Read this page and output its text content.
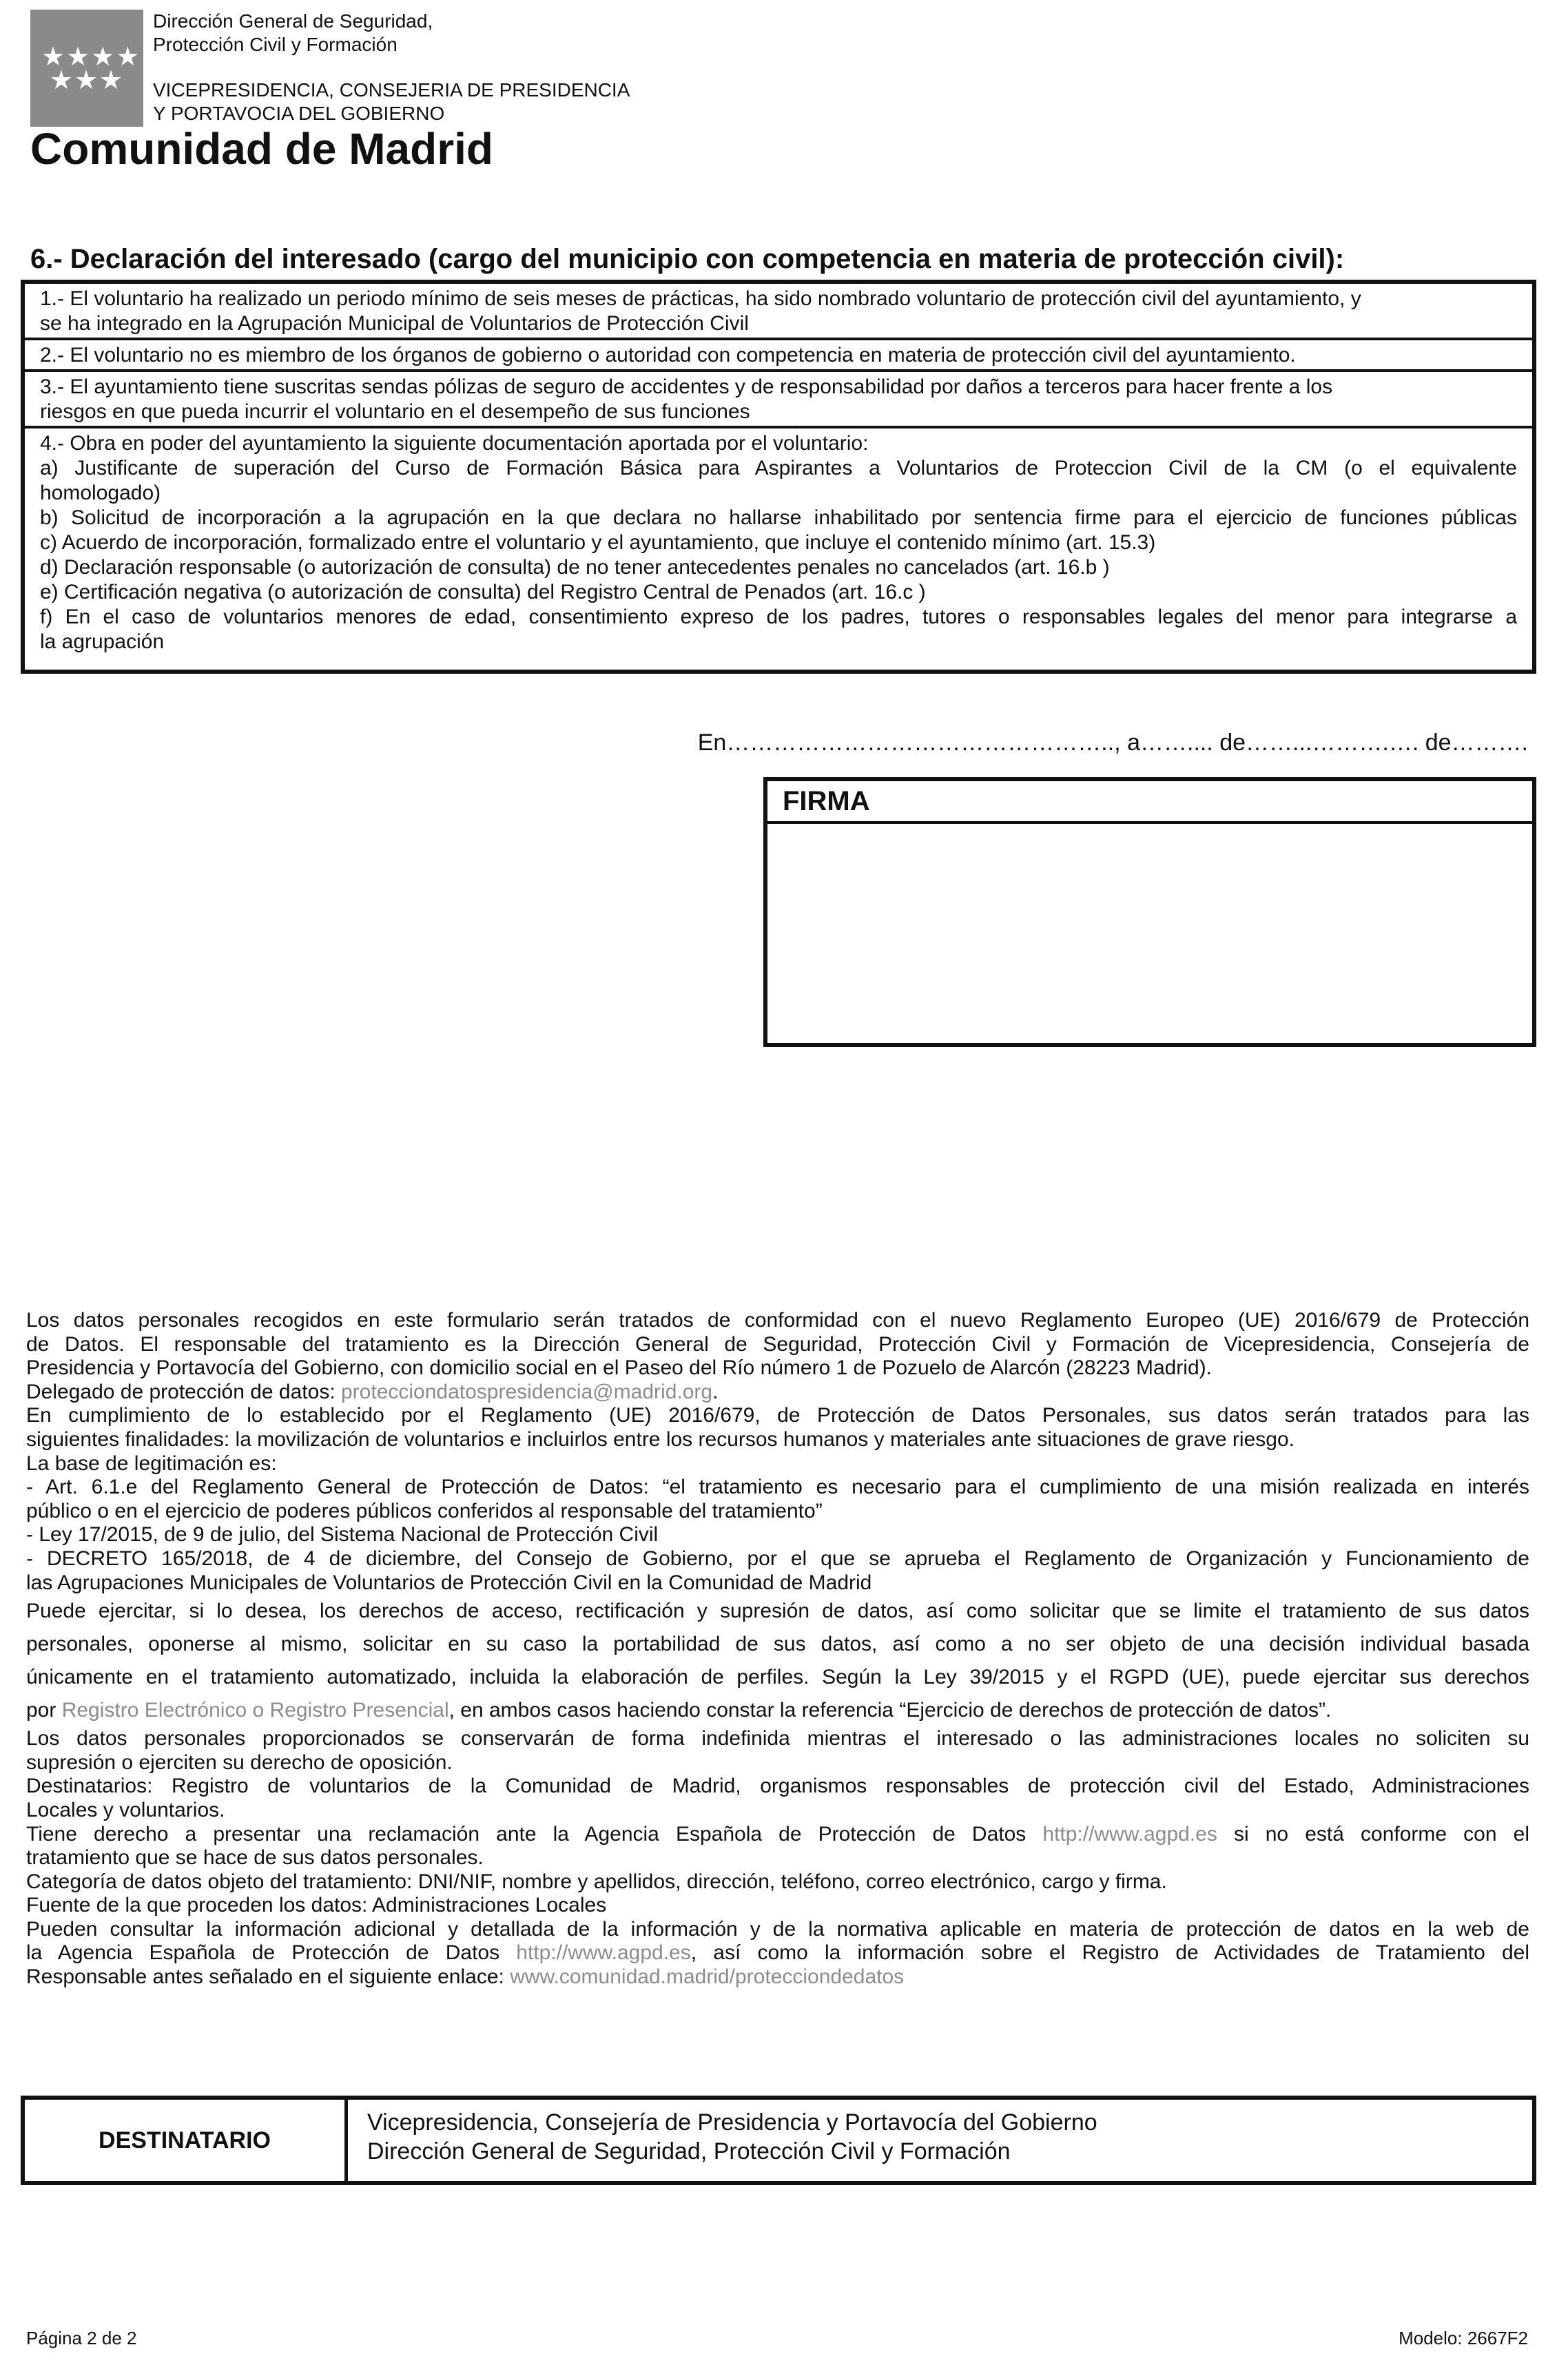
★★★★
★★★
Dirección General de Seguridad,
Protección Civil y Formación
VICEPRESIDENCIA, CONSEJERIA DE PRESIDENCIA
Y PORTAVOCIA DEL GOBIERNO
Comunidad de Madrid
6.- Declaración del interesado (cargo del municipio con competencia en materia de protección civil):
1.- El voluntario ha realizado un periodo mínimo de seis meses de prácticas, ha sido nombrado voluntario de protección civil del ayuntamiento, y
se ha integrado en la Agrupación Municipal de Voluntarios de Protección Civil
2.- El voluntario no es miembro de los órganos de gobierno o autoridad con competencia en materia de protección civil del ayuntamiento.
3.- El ayuntamiento tiene suscritas sendas pólizas de seguro de accidentes y de responsabilidad por daños a terceros para hacer frente a los
riesgos en que pueda incurrir el voluntario en el desempeño de sus funciones
4.- Obra en poder del ayuntamiento la siguiente documentación aportada por el voluntario:
a) Justificante de superación del Curso de Formación Básica para Aspirantes a Voluntarios de Proteccion Civil de la CM (o el equivalente
homologado)
b) Solicitud de incorporación a la agrupación en la que declara no hallarse inhabilitado por sentencia firme para el ejercicio de funciones públicas
c) Acuerdo de incorporación, formalizado entre el voluntario y el ayuntamiento, que incluye el contenido mínimo (art. 15.3)
d) Declaración responsable (o autorización de consulta) de no tener antecedentes penales no cancelados (art. 16.b )
e) Certificación negativa (o autorización de consulta) del Registro Central de Penados (art. 16.c )
f) En el caso de voluntarios menores de edad, consentimiento expreso de los padres, tutores o responsables legales del menor para integrarse a
la agrupación
En………………………………………….., a…….... de……...……….…. de……….
FIRMA
Los datos personales recogidos en este formulario serán tratados de conformidad con el nuevo Reglamento Europeo (UE) 2016/679 de Protección
de Datos. El responsable del tratamiento es la Dirección General de Seguridad, Protección Civil y Formación de Vicepresidencia, Consejería de
Presidencia y Portavocía del Gobierno, con domicilio social en el Paseo del Río número 1 de Pozuelo de Alarcón (28223 Madrid).
Delegado de protección de datos: protecciondatospresidencia@madrid.org.
En cumplimiento de lo establecido por el Reglamento (UE) 2016/679, de Protección de Datos Personales, sus datos serán tratados para las
siguientes finalidades: la movilización de voluntarios e incluirlos entre los recursos humanos y materiales ante situaciones de grave riesgo.
La base de legitimación es:
- Art. 6.1.e del Reglamento General de Protección de Datos: “el tratamiento es necesario para el cumplimiento de una misión realizada en interés
público o en el ejercicio de poderes públicos conferidos al responsable del tratamiento”
- Ley 17/2015, de 9 de julio, del Sistema Nacional de Protección Civil
- DECRETO 165/2018, de 4 de diciembre, del Consejo de Gobierno, por el que se aprueba el Reglamento de Organización y Funcionamiento de
las Agrupaciones Municipales de Voluntarios de Protección Civil en la Comunidad de Madrid
Puede ejercitar, si lo desea, los derechos de acceso, rectificación y supresión de datos, así como solicitar que se limite el tratamiento de sus datos
personales, oponerse al mismo, solicitar en su caso la portabilidad de sus datos, así como a no ser objeto de una decisión individual basada
únicamente en el tratamiento automatizado, incluida la elaboración de perfiles. Según la Ley 39/2015 y el RGPD (UE), puede ejercitar sus derechos
por Registro Electrónico o Registro Presencial, en ambos casos haciendo constar la referencia “Ejercicio de derechos de protección de datos”.
Los datos personales proporcionados se conservarán de forma indefinida mientras el interesado o las administraciones locales no soliciten su
supresión o ejerciten su derecho de oposición.
Destinatarios: Registro de voluntarios de la Comunidad de Madrid, organismos responsables de protección civil del Estado, Administraciones
Locales y voluntarios.
Tiene derecho a presentar una reclamación ante la Agencia Española de Protección de Datos http://www.agpd.es si no está conforme con el
tratamiento que se hace de sus datos personales.
Categoría de datos objeto del tratamiento: DNI/NIF, nombre y apellidos, dirección, teléfono, correo electrónico, cargo y firma.
Fuente de la que proceden los datos: Administraciones Locales
Pueden consultar la información adicional y detallada de la información y de la normativa aplicable en materia de protección de datos en la web de
la Agencia Española de Protección de Datos http://www.agpd.es, así como la información sobre el Registro de Actividades de Tratamiento del
Responsable antes señalado en el siguiente enlace: www.comunidad.madrid/protecciondedatos
DESTINATARIO
Vicepresidencia, Consejería de Presidencia y Portavocía del Gobierno
Dirección General de Seguridad, Protección Civil y Formación
Página 2 de 2	Modelo: 2667F2
